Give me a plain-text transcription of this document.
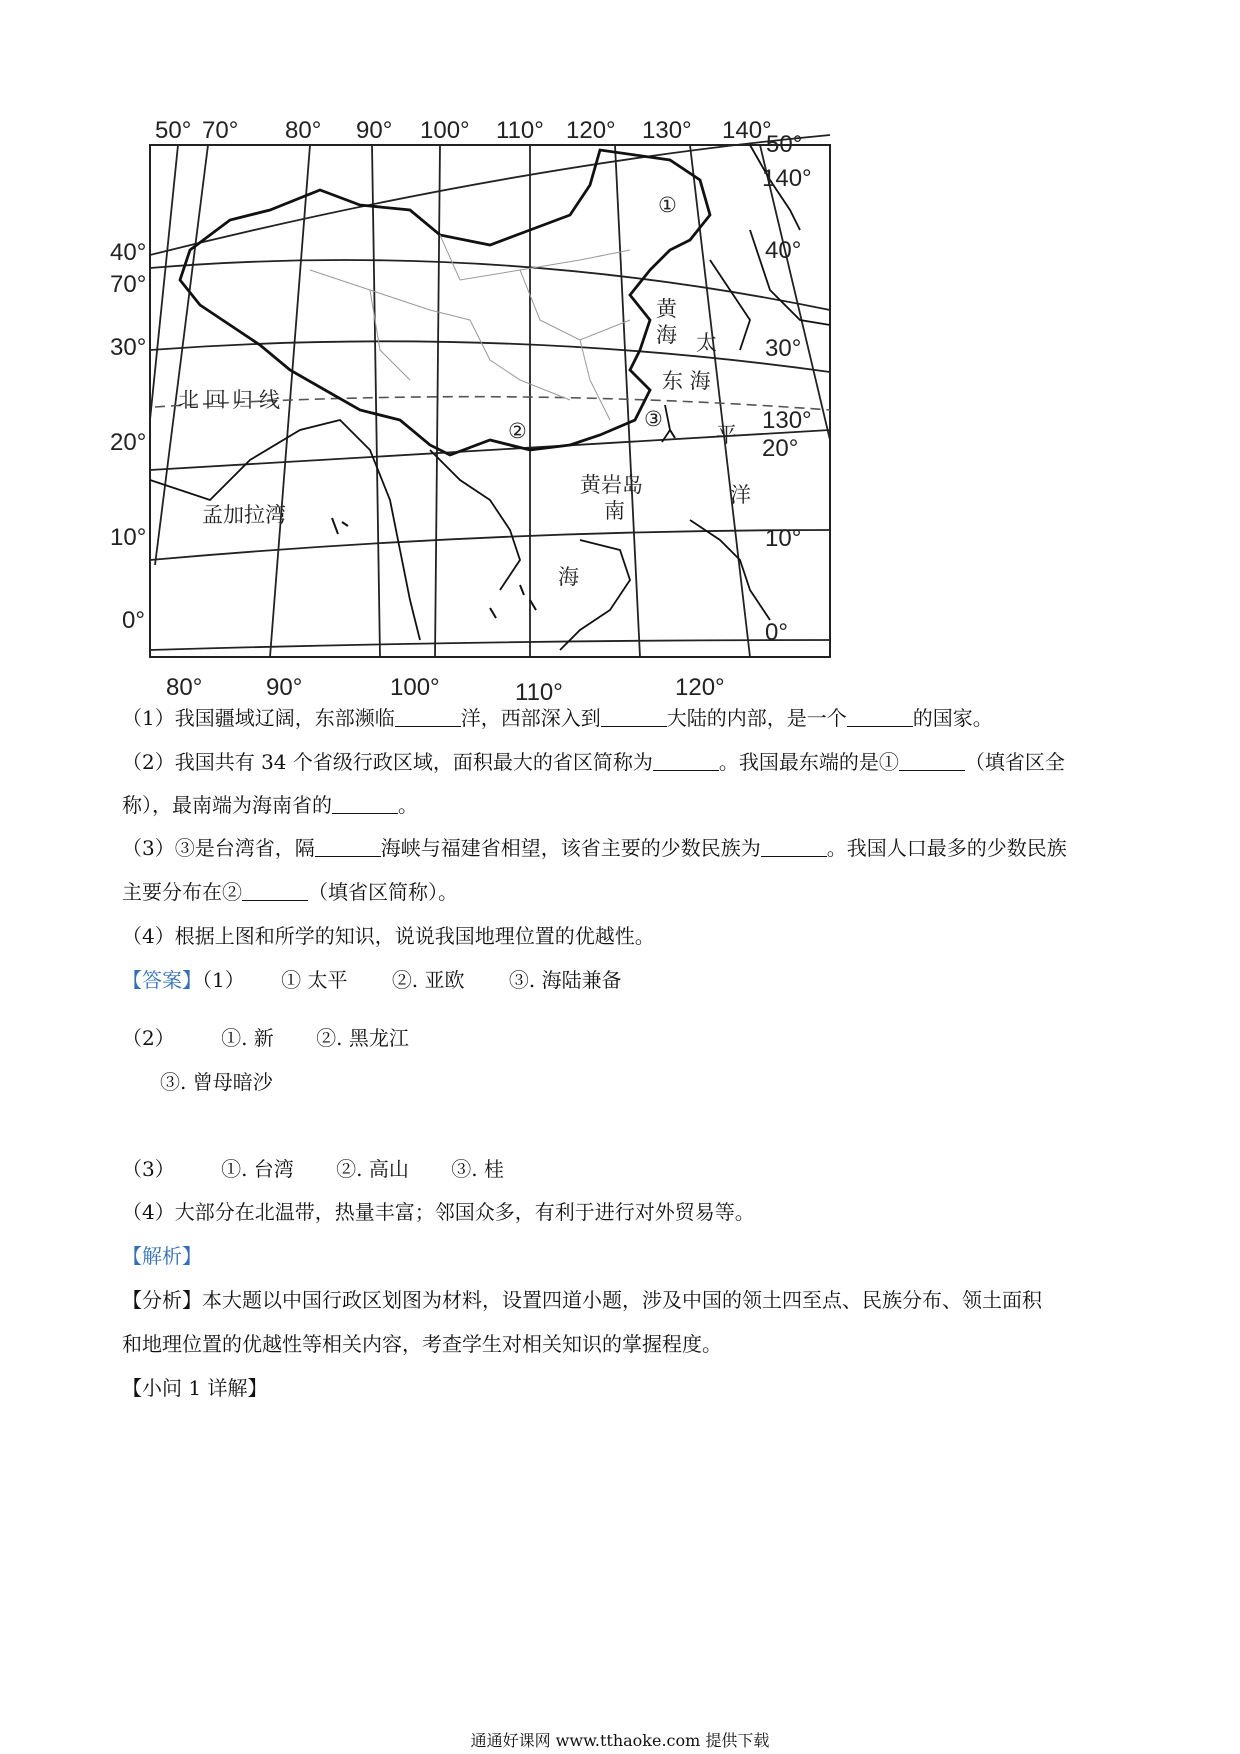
50° 70° 80° 90° 100° 110° 120° 130° 140°
80°	90°	100°	110°	120°
40°
70°
30°
20°
10°
0°
50°
140°
40°
30°
130°
20°
10°
0°
北回归线
黄
海 太
东 海
平
洋
黄岩岛
南
海
孟加拉湾
①
②	③
（1）我国疆域辽阔，东部濒临	洋，西部深入到	大陆的内部，是一个	的国家。
（2）我国共有 34 个省级行政区域，面积最大的省区简称为	。我国最东端的是①	（填省区全
称），最南端为海南省的	。
（3）③是台湾省，隔	海峡与福建省相望，该省主要的少数民族为	。我国人口最多的少数民族
主要分布在②	（填省区简称）。
（4）根据上图和所学的知识，说说我国地理位置的优越性。
【答案】（1） ① 太平 ②. 亚欧 ③. 海陆兼备
（2） ①. 新 ②. 黑龙江
③. 曾母暗沙
（3） ①. 台湾 ②. 高山 ③. 桂
（4）大部分在北温带，热量丰富；邻国众多，有利于进行对外贸易等。
【解析】
【分析】本大题以中国行政区划图为材料，设置四道小题，涉及中国的领土四至点、民族分布、领土面积
和地理位置的优越性等相关内容，考查学生对相关知识的掌握程度。
【小问 1 详解】
通通好课网 www.tthaoke.com 提供下载
